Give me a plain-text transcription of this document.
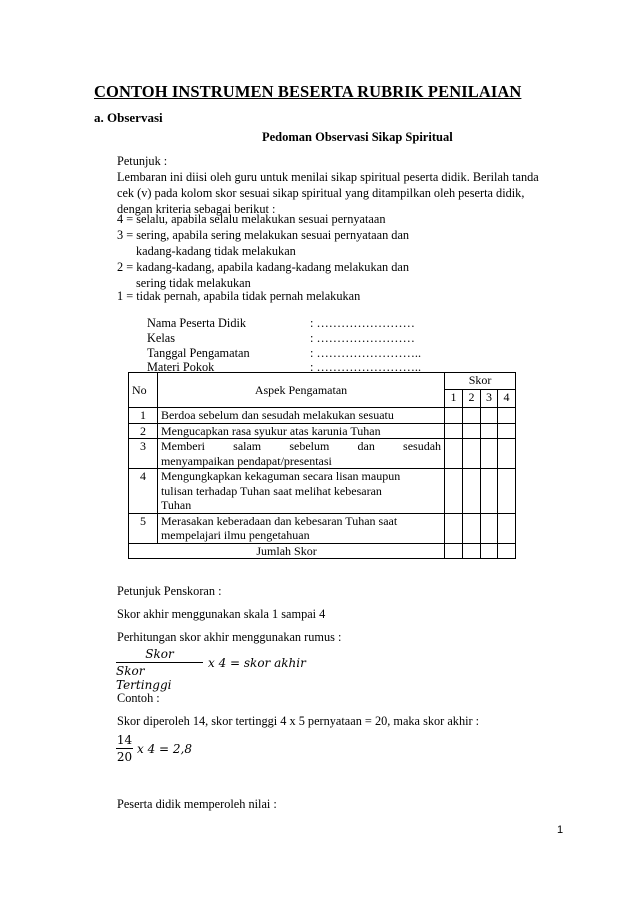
CONTOH INSTRUMEN BESERTA RUBRIK PENILAIAN
a. Observasi
Pedoman Observasi Sikap Spiritual
Petunjuk :
Lembaran ini diisi oleh guru untuk menilai sikap spiritual peserta didik. Berilah tanda
cek (v) pada kolom skor sesuai sikap spiritual yang ditampilkan oleh peserta didik,
dengan kriteria sebagai berikut :
4 = selalu, apabila selalu melakukan sesuai pernyataan
3 = sering, apabila sering melakukan sesuai pernyataan dan
kadang-kadang tidak melakukan
2 = kadang-kadang, apabila kadang-kadang melakukan dan
sering tidak melakukan
1 = tidak pernah, apabila tidak pernah melakukan
Nama Peserta Didik	: ……………………
Kelas	: ……………………
Tanggal Pengamatan	: ……………………..
Materi Pokok	: ……………………..
No	Aspek Pengamatan	Skor			
		1	2	3	4
1	Berdoa sebelum dan sesudah melakukan sesuatu				
2	Mengucapkan rasa syukur atas karunia Tuhan				
3	Memberi salam sebelum dan sesudah
menyampaikan pendapat/presentasi				
4	Mengungkapkan kekaguman secara lisan maupun
tulisan terhadap Tuhan saat melihat kebesaran
Tuhan				
5	Merasakan keberadaan dan kebesaran Tuhan saat
mempelajari ilmu pengetahuan				
Jumlah Skor					
Petunjuk Penskoran :
Skor akhir menggunakan skala 1 sampai 4
Perhitungan skor akhir menggunakan rumus :
Skor
Skor Tertinggi
x 4 = skor akhir
Contoh :
Skor diperoleh 14, skor tertinggi 4 x 5 pernyataan = 20, maka skor akhir :
14
20
x 4 = 2,8
Peserta didik memperoleh nilai :
1
